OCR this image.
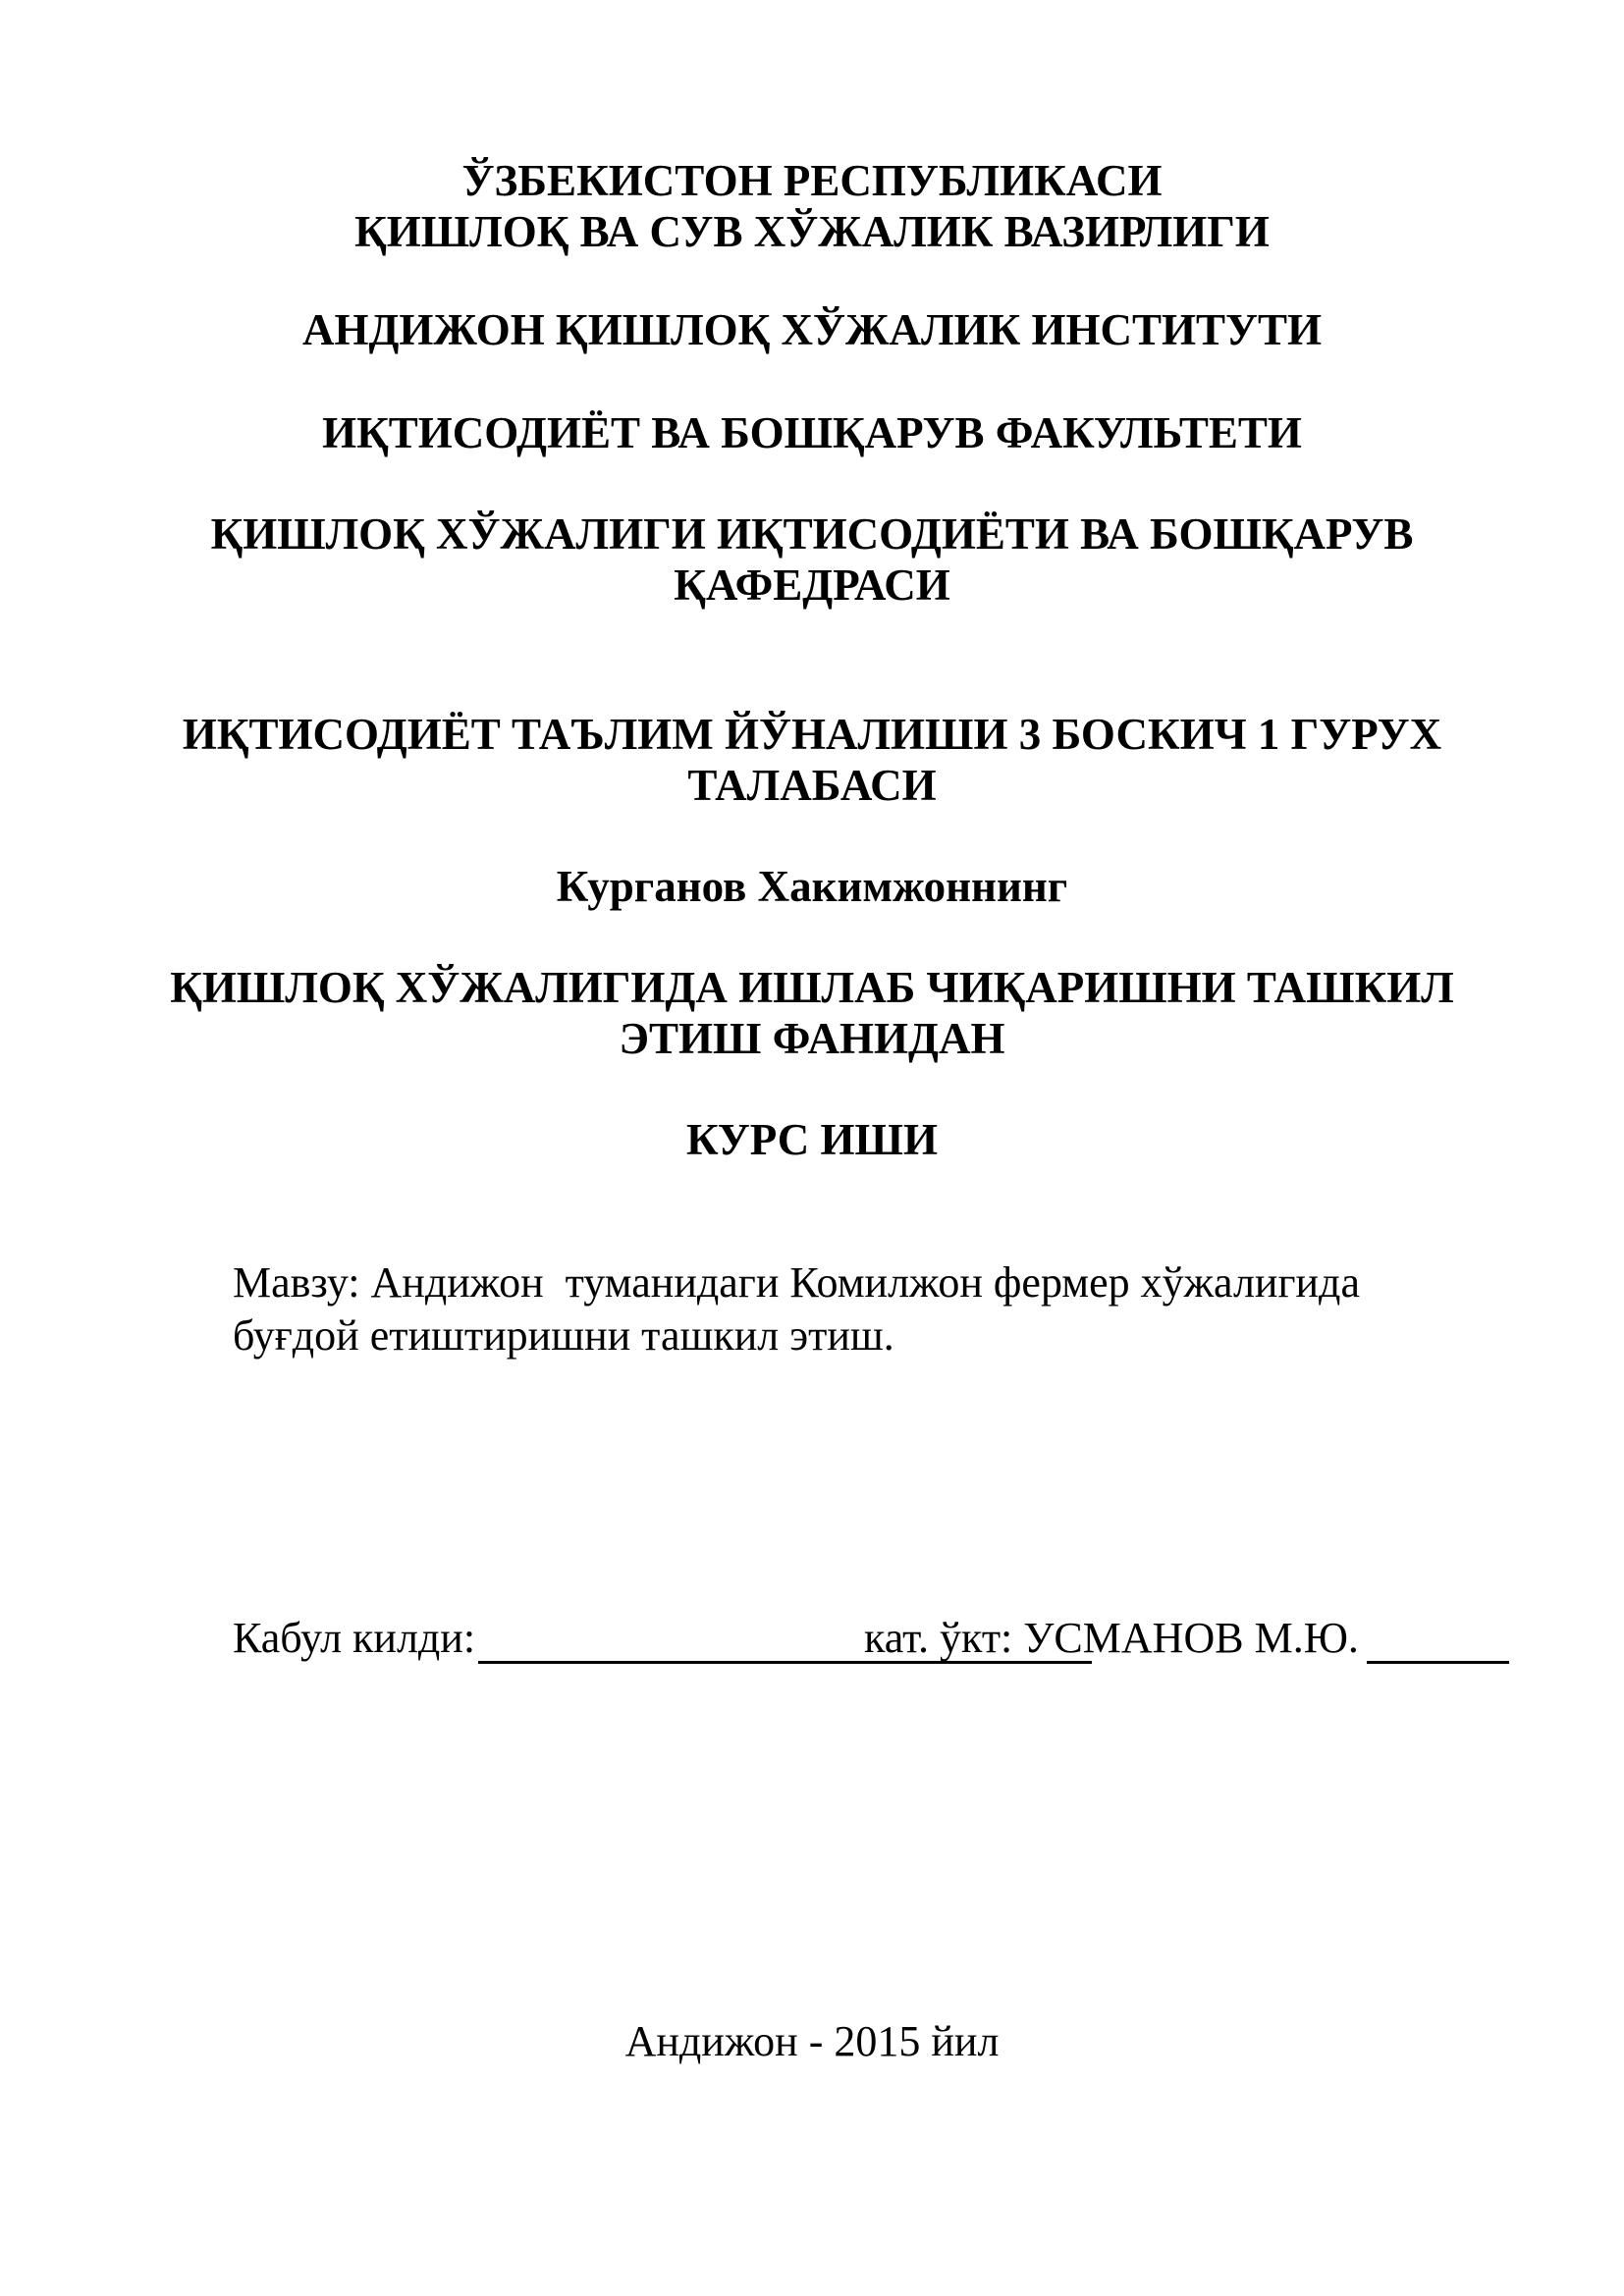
ЎЗБЕКИСТОН РЕСПУБЛИКАСИ
ҚИШЛОҚ ВА СУВ ХЎЖАЛИК ВАЗИРЛИГИ
АНДИЖОН ҚИШЛОҚ ХЎЖАЛИК ИНСТИТУТИ
ИҚТИСОДИЁТ ВА БОШҚАРУВ ФАКУЛЬТЕТИ
ҚИШЛОҚ ХЎЖАЛИГИ ИҚТИСОДИЁТИ ВА БОШҚАРУВ
ҚАФЕДРАСИ
ИҚТИСОДИЁТ ТАЪЛИМ ЙЎНАЛИШИ 3 БОСКИЧ 1 ГУРУХ
ТАЛАБАСИ
Курганов Хакимжоннинг
ҚИШЛОҚ ХЎЖАЛИГИДА ИШЛАБ ЧИҚАРИШНИ ТАШКИЛ
ЭТИШ ФАНИДАН
КУРС ИШИ
Мавзу: Андижон  туманидаги Комилжон фермер хўжалигида
буғдой етиштиришни ташкил этиш.
Кабул килди:	кат. ўкт: УСМАНОВ М.Ю.
Андижон - 2015 йил
